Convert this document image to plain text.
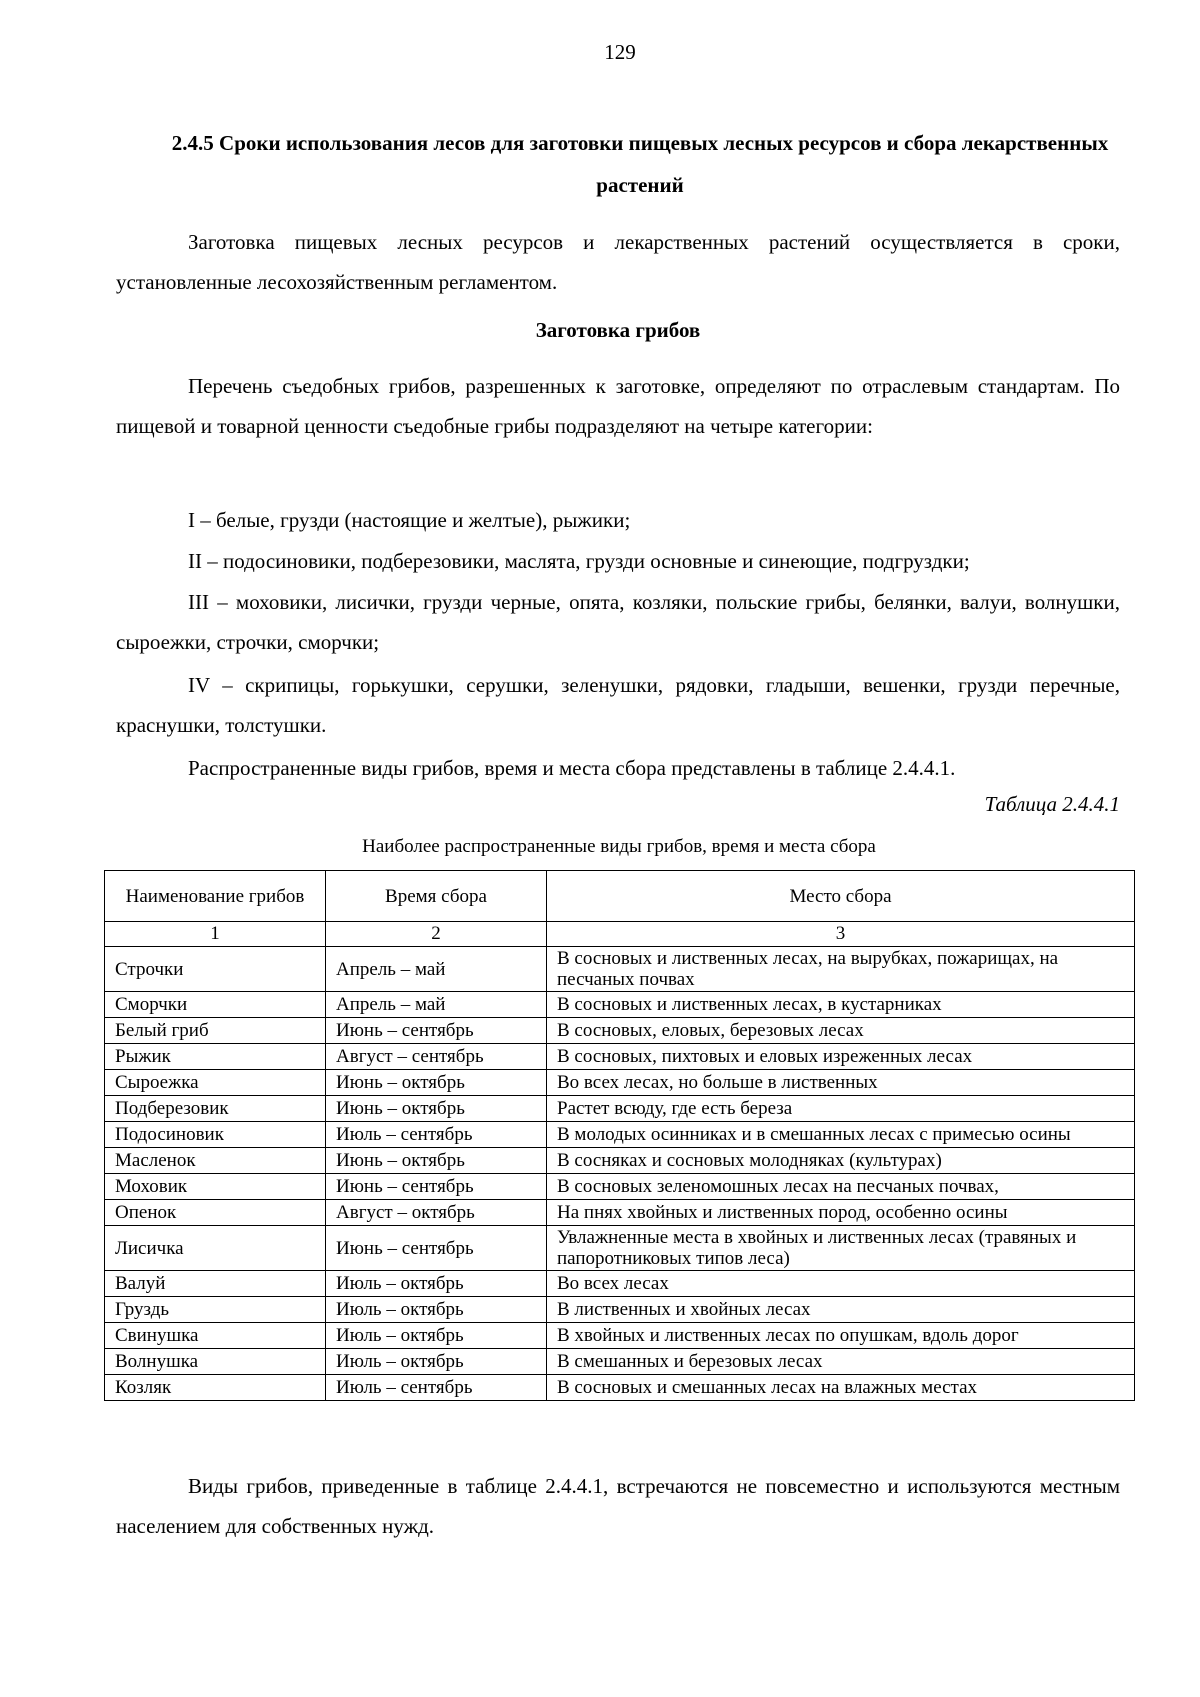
129
2.4.5 Сроки использования лесов для заготовки пищевых лесных ресурсов и сбора лекарственных растений
Заготовка пищевых лесных ресурсов и лекарственных растений осуществляется в сроки, установленные лесохозяйственным регламентом.
Заготовка грибов
Перечень съедобных грибов, разрешенных к заготовке, определяют по отраслевым стандартам. По пищевой и товарной ценности съедобные грибы подразделяют на четыре категории:
I – белые, грузди (настоящие и желтые), рыжики;
II – подосиновики, подберезовики, маслята, грузди основные и синеющие, подгруздки;
III – моховики, лисички, грузди черные, опята, козляки, польские грибы, белянки, валуи, волнушки, сыроежки, строчки, сморчки;
IV – скрипицы, горькушки, серушки, зеленушки, рядовки, гладыши, вешенки, грузди перечные, краснушки, толстушки.
Распространенные виды грибов, время и места сбора представлены в таблице 2.4.4.1.
Таблица 2.4.4.1
Наиболее распространенные виды грибов, время и места сбора
Наименование грибов	Время сбора	Место сбора
1	2	3
Строчки	Апрель – май	В сосновых и лиственных лесах, на вырубках, пожарищах, на песчаных почвах
Сморчки	Апрель – май	В сосновых и лиственных лесах, в кустарниках
Белый гриб	Июнь – сентябрь	В сосновых, еловых, березовых лесах
Рыжик	Август – сентябрь	В сосновых, пихтовых и еловых изреженных лесах
Сыроежка	Июнь – октябрь	Во всех лесах, но больше в лиственных
Подберезовик	Июнь – октябрь	Растет всюду, где есть береза
Подосиновик	Июль – сентябрь	В молодых осинниках и в смешанных лесах с примесью осины
Масленок	Июнь – октябрь	В сосняках и сосновых молодняках (культурах)
Моховик	Июнь – сентябрь	В сосновых зеленомошных лесах на песчаных почвах,
Опенок	Август – октябрь	На пнях хвойных и лиственных пород, особенно осины
Лисичка	Июнь – сентябрь	Увлажненные места в хвойных и лиственных лесах (травяных и папоротниковых типов леса)
Валуй	Июль – октябрь	Во всех лесах
Груздь	Июль – октябрь	В лиственных и хвойных лесах
Свинушка	Июль – октябрь	В хвойных и лиственных лесах по опушкам, вдоль дорог
Волнушка	Июль – октябрь	В смешанных и березовых лесах
Козляк	Июль – сентябрь	В сосновых и смешанных лесах на влажных местах
Виды грибов, приведенные в таблице 2.4.4.1, встречаются не повсеместно и используются местным населением для собственных нужд.
